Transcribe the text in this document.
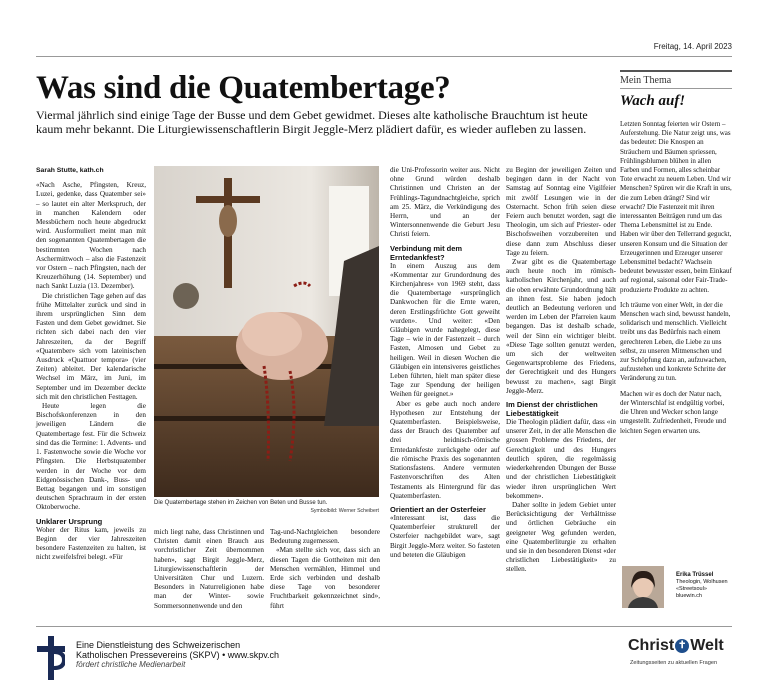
Freitag, 14. April 2023
Was sind die Quatembertage?
Viermal jährlich sind einige Tage der Busse und dem Gebet gewidmet. Dieses alte katholische Brauchtum ist heute kaum mehr bekannt. Die Liturgiewissenschaftlerin Birgit Jeggle-Merz plädiert dafür, es wieder aufleben zu lassen.
Sarah Stutte, kath.ch

«Nach Asche, Pfingsten, Kreuz, Luzei, gedenke, dass Quatember sei» – so lautet ein alter Merkspruch, der in manchen Kalendern oder Messbüchern noch heute abgedruckt wird. Ausformuliert meint man mit den sogenannten Quatembertagen die bestimmten Wochen nach Aschermittwoch – also die Fastenzeit vor Ostern – nach Pfingsten, nach der Kreuzerhöhung (14. September) und nach Sankt Luzia (13. Dezember).

Die christlichen Tage gehen auf das frühe Mittelalter zurück und sind in ihrem ursprünglichen Sinn dem Fasten und dem Gebet gewidmet. Sie richten sich dabei nach den vier Jahreszeiten, da der Begriff «Quatember» sich vom lateinischen Ausdruck «Quattuor tempora» (vier Zeiten) ableitet. Der kalendarische Wechsel im März, im Juni, im September und im Dezember deckte sich mit den christlichen Festtagen.

Heute legen die Bischofskonferenzen in den jeweiligen Ländern die Quatembertage fest. Für die Schweiz sind das die Termine: 1. Advents- und 1. Fastenwoche sowie die Woche vor Pfingsten. Die Herbstquatember werden in der Woche vor dem Eidgenössischen Dank-, Buss- und Bettag begangen und im sonstigen deutschen Sprachraum in der ersten Oktoberwoche.

Unklarer Ursprung

Woher der Ritus kam, jeweils zu Beginn der vier Jahreszeiten besondere Fastenzeiten zu halten, ist nicht zweifelsfrei belegt. «Für

Die Quatembertage stehen im Zeichen von Beten und Busse tun.
Symbolbild: Werner Scheibert

mich liegt nahe, dass Christinnen und Christen damit einen Brauch aus vorchristlicher Zeit übernommen haben», sagt Birgit Jeggle-Merz, Liturgiewissenschaftlerin der Universitäten Chur und Luzern. Besonders in Naturreligionen habe man der Winter- sowie Sommersonnenwende und den

Tag-und-Nachtgleichen besondere Bedeutung zugemessen.

«Man stellte sich vor, dass sich an diesen Tagen die Gottheiten mit den Menschen vermählen, Himmel und Erde sich verbinden und deshalb diese Tage von besonderer Fruchtbarkeit gekennzeichnet sind», führt

die Uni-Professorin weiter aus. Nicht ohne Grund würden deshalb Christinnen und Christen an der Frühlings-Tagundnachtgleiche, sprich am 25. März, die Verkündigung des Herrn, und an der Wintersonnenwende die Geburt Jesu Christi feiern.

Verbindung mit dem Erntedankfest?

In einem Auszug aus dem «Kommentar zur Grundordnung des Kirchenjahres» von 1969 steht, dass die Quatembertage «ursprünglich Dankwochen für die Ernte waren, deren Erstlingsfrüchte Gott geweiht wurden». Und weiter: «Den Gläubigen wurde nahegelegt, diese Tage – wie in der Fastenzeit – durch Fasten, Almosen und Gebet zu heiligen. Weil in diesen Wochen die Gläubigen ein intensiveres geistliches Leben führten, hielt man später diese Tage zur Spendung der heiligen Weihen für geeignet.»

Aber es gebe auch noch andere Hypothesen zur Entstehung der Quatemberfasten. Beispielsweise, dass der Brauch des Quatember auf drei heidnisch-römische Erntedankfeste zurückgehe oder auf die römische Praxis des sogenannten Stationsfastens. Andere vermuten Fastenvorschriften des Alten Testaments als Hintergrund für das Quatemberfasten.

Orientiert an der Osterfeier

«Interessant ist, dass die Quatemberfeier strukturell der Osterfeier nachgebildet war», sagt Birgit Jeggle-Merz weiter. So fasteten und beteten die Gläubigen

zu Beginn der jeweiligen Zeiten und begingen dann in der Nacht von Samstag auf Sonntag eine Vigilfeier mit zwölf Lesungen wie in der Osternacht. Schon früh seien diese Feiern auch benutzt worden, sagt die Theologin, um sich auf Priester- oder Bischofsweihen vorzubereiten und diese dann zum Abschluss dieser Tage zu feiern.

Zwar gibt es die Quatembertage auch heute noch im römisch-katholischen Kirchenjahr, und auch die oben erwähnte Grundordnung hält an ihnen fest. Sie haben jedoch deutlich an Bedeutung verloren und werden im Leben der Pfarreien kaum begangen. Das ist deshalb schade, weil der Sinn ein wichtiger bleibt. «Diese Tage sollten genutzt werden, um sich der weltweiten Gegenwartsprobleme des Friedens, der Gerechtigkeit und des Hungers bewusst zu machen», sagt Birgit Jeggle-Merz.

Im Dienst der christlichen Liebestätigkeit

Die Theologin plädiert dafür, dass «in unserer Zeit, in der alle Menschen die grossen Probleme des Friedens, der Gerechtigkeit und des Hungers deutlich spüren, die regelmässig wiederkehrenden Übungen der Busse und der christlichen Liebestätigkeit wieder ihren ursprünglichen Wert bekommen».

Daher sollte in jedem Gebiet unter Berücksichtigung der Verhältnisse und örtlichen Gebräuche ein geeigneter Weg gefunden werden, eine Quatemberliturgie zu erhalten und sie in den besonderen Dienst «der christlichen Liebestätigkeit» zu stellen.

Mein Thema
Wach auf!

Letzten Sonntag feierten wir Ostern – Auferstehung. Die Natur zeigt uns, was das bedeutet: Die Knospen an Sträuchern und Bäumen spriessen, Frühlingsblumen blühen in allen Farben und Formen, alles scheinbar Tote erwacht zu neuem Leben. Und wir Menschen? Spüren wir die Kraft in uns, die zum Leben drängt? Sind wir erwacht? Die Fastenzeit mit ihren interessanten Beiträgen rund um das Thema Lebensmittel ist zu Ende. Haben wir über den Tellerrand geguckt, unseren Konsum und die Situation der Erzeugerinnen und Erzeuger unserer Lebensmittel bedacht? Wachsein bedeutet bewusster essen, beim Einkauf auf regional, saisonal oder Fair-Trade-produzierte Produkte zu achten.

Ich träume von einer Welt, in der die Menschen wach sind, bewusst handeln, solidarisch und menschlich. Vielleicht treibt uns das Bedürfnis nach einem gerechteren Leben, die Liebe zu uns selbst, zu unseren Mitmenschen und zur Schöpfung dazu an, aufzuwachen, aufzustehen und konkrete Schritte der Veränderung zu tun.

Machen wir es doch der Natur nach, der Winterschlaf ist endgültig vorbei, die Uhren und Wecker schon lange umgestellt. Zufriedenheit, Freude und leichten Segen erwarten uns.

Erika Trüssel
Theologin, Wolhusen
«Streetsoul»
bluewin.ch
Eine Dienstleistung des Schweizerischen
Katholischen Pressevereins (SKPV) • www.skpv.ch
fördert christliche Medienarbeit
Christ ✝ Welt
Zeitungsseiten zu aktuellen Fragen
